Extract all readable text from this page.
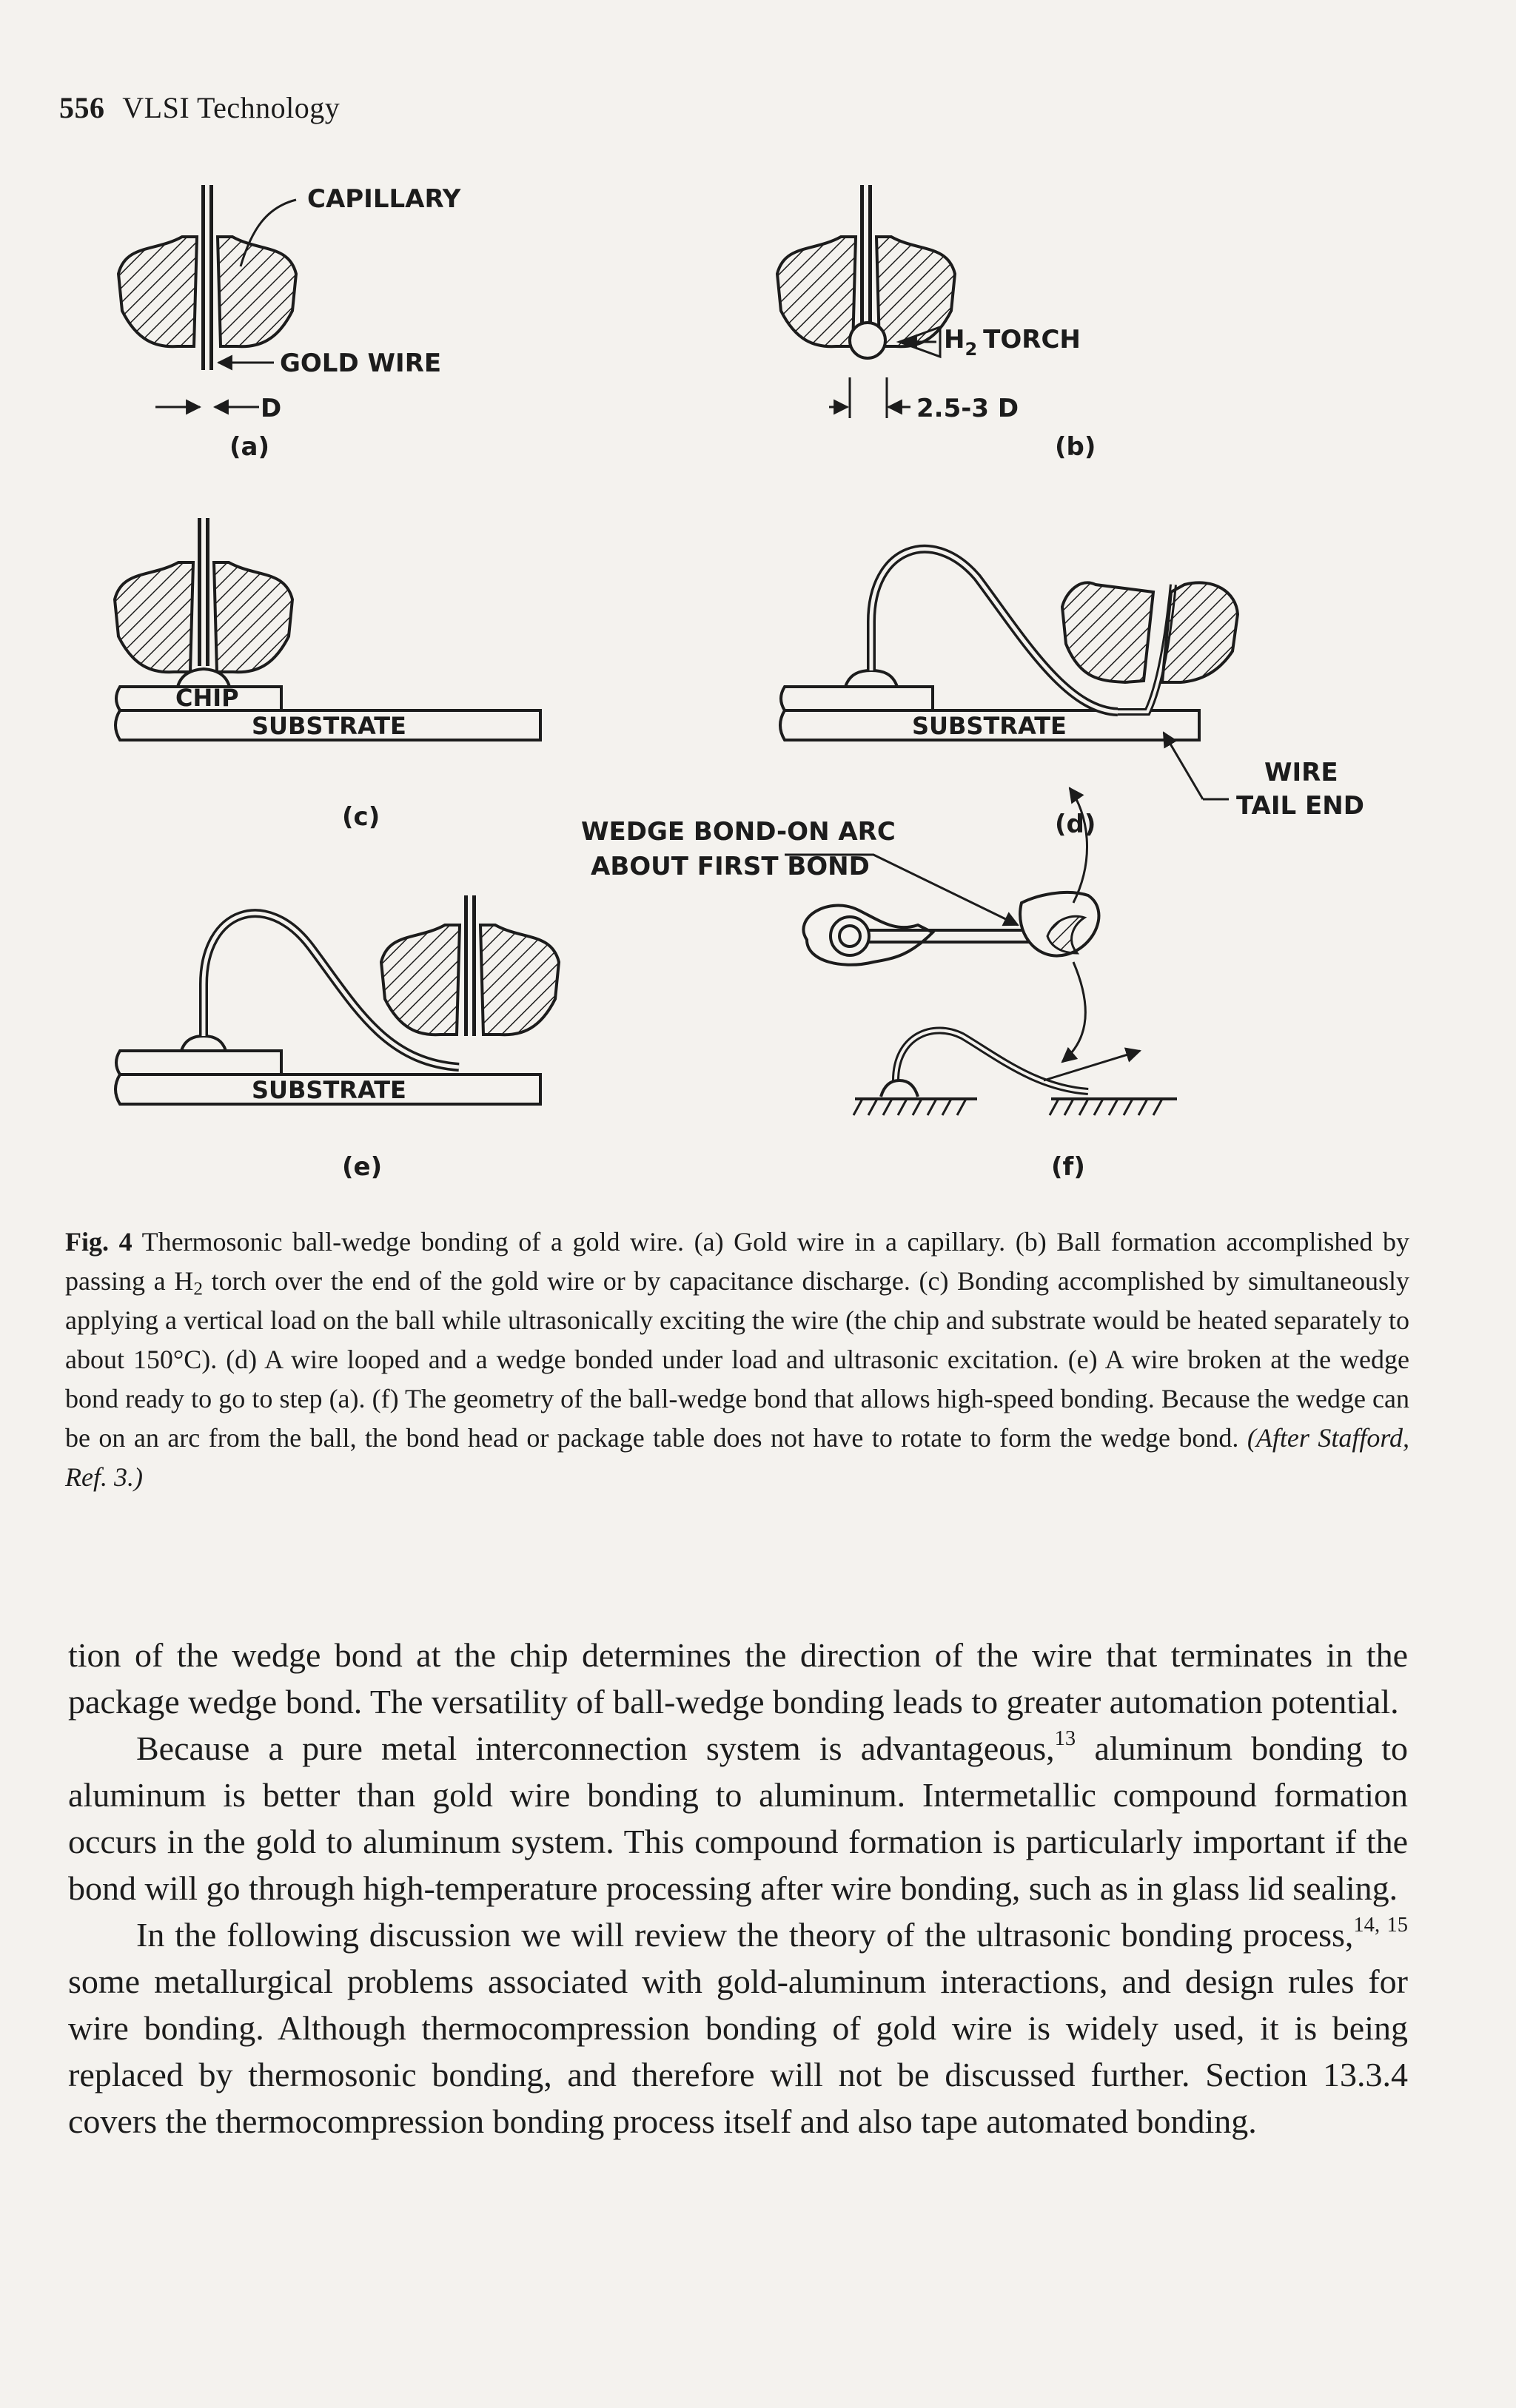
556 VLSI Technology
CAPILLARY
GOLD WIRE
D
(a)
$H_2$ TORCH
2.5-3 D
(b)
CHIP
SUBSTRATE
(c)
SUBSTRATE
WIRE
TAIL END
(d)
SUBSTRATE
(e)
WEDGE BOND-ON ARC
ABOUT FIRST BOND
(f)
Fig. 4 Thermosonic ball-wedge bonding of a gold wire. (a) Gold wire in a capillary. (b) Ball formation accomplished by passing a $H_2$ torch over the end of the gold wire or by capacitance discharge. (c) Bonding accomplished by simultaneously applying a vertical load on the ball while ultrasonically exciting the wire (the chip and substrate would be heated separately to about 150°C). (d) A wire looped and a wedge bonded under load and ultrasonic excitation. (e) A wire broken at the wedge bond ready to go to step (a). (f) The geometry of the ball-wedge bond that allows high-speed bonding. Because the wedge can be on an arc from the ball, the bond head or package table does not have to rotate to form the wedge bond. (After Stafford, Ref. 3.)

tion of the wedge bond at the chip determines the direction of the wire that terminates in the package wedge bond. The versatility of ball-wedge bonding leads to greater automation potential.

Because a pure metal interconnection system is advantageous,$^{13}$ aluminum bonding to aluminum is better than gold wire bonding to aluminum. Intermetallic compound formation occurs in the gold to aluminum system. This compound formation is particularly important if the bond will go through high-temperature processing after wire bonding, such as in glass lid sealing.

In the following discussion we will review the theory of the ultrasonic bonding process,$^{14, 15}$ some metallurgical problems associated with gold-aluminum interactions, and design rules for wire bonding. Although thermocompression bonding of gold wire is widely used, it is being replaced by thermosonic bonding, and therefore will not be discussed further. Section 13.3.4 covers the thermocompression bonding process itself and also tape automated bonding.
